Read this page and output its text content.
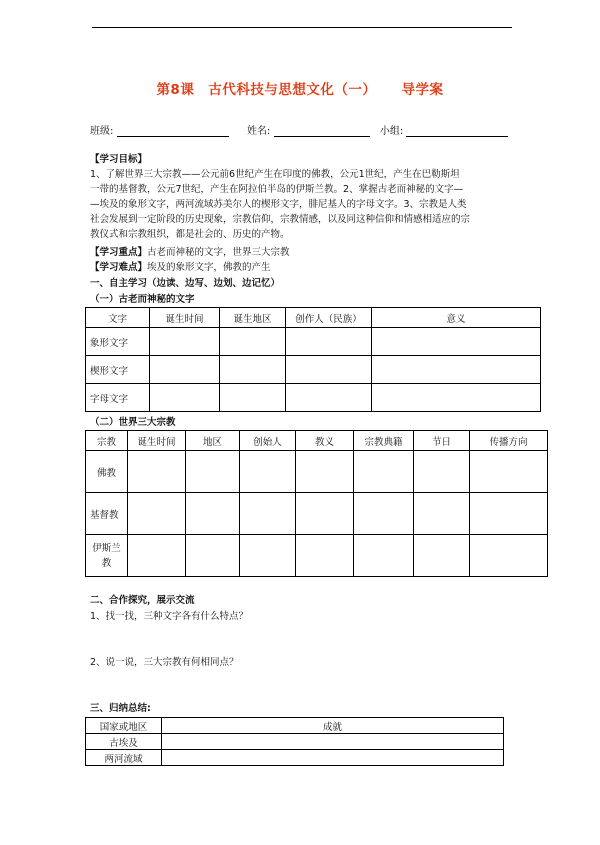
第8课　古代科技与思想文化（一） 导学案
班级:	姓名:	小组:
【学习目标】
1、了解世界三大宗教——公元前6世纪产生在印度的佛教，公元1世纪，产生在巴勒斯坦
一带的基督教，公元7世纪，产生在阿拉伯半岛的伊斯兰教。2、掌握古老而神秘的文字—
—埃及的象形文字，两河流域苏美尔人的楔形文字，腓尼基人的字母文字。3、宗教是人类
社会发展到一定阶段的历史现象，宗教信仰，宗教情感，以及同这种信仰和情感相适应的宗
教仪式和宗教组织，都是社会的、历史的产物。
【学习重点】古老而神秘的文字，世界三大宗教
【学习难点】埃及的象形文字，佛教的产生
一、自主学习（边读、边写、边划、边记忆）
（一）古老而神秘的文字
文字	诞生时间	诞生地区	创作人（民族）	意义
象形文字				
楔形文字				
字母文字				
（二）世界三大宗教
宗教	诞生时间	地区	创始人	教义	宗教典籍	节日	传播方向
佛教							
基督教							
伊斯兰教							
二、合作探究，展示交流
1、找一找，三种文字各有什么特点？
2、说一说，三大宗教有何相同点？
三、归纳总结:
国家或地区	成就
古埃及	
两河流域	
